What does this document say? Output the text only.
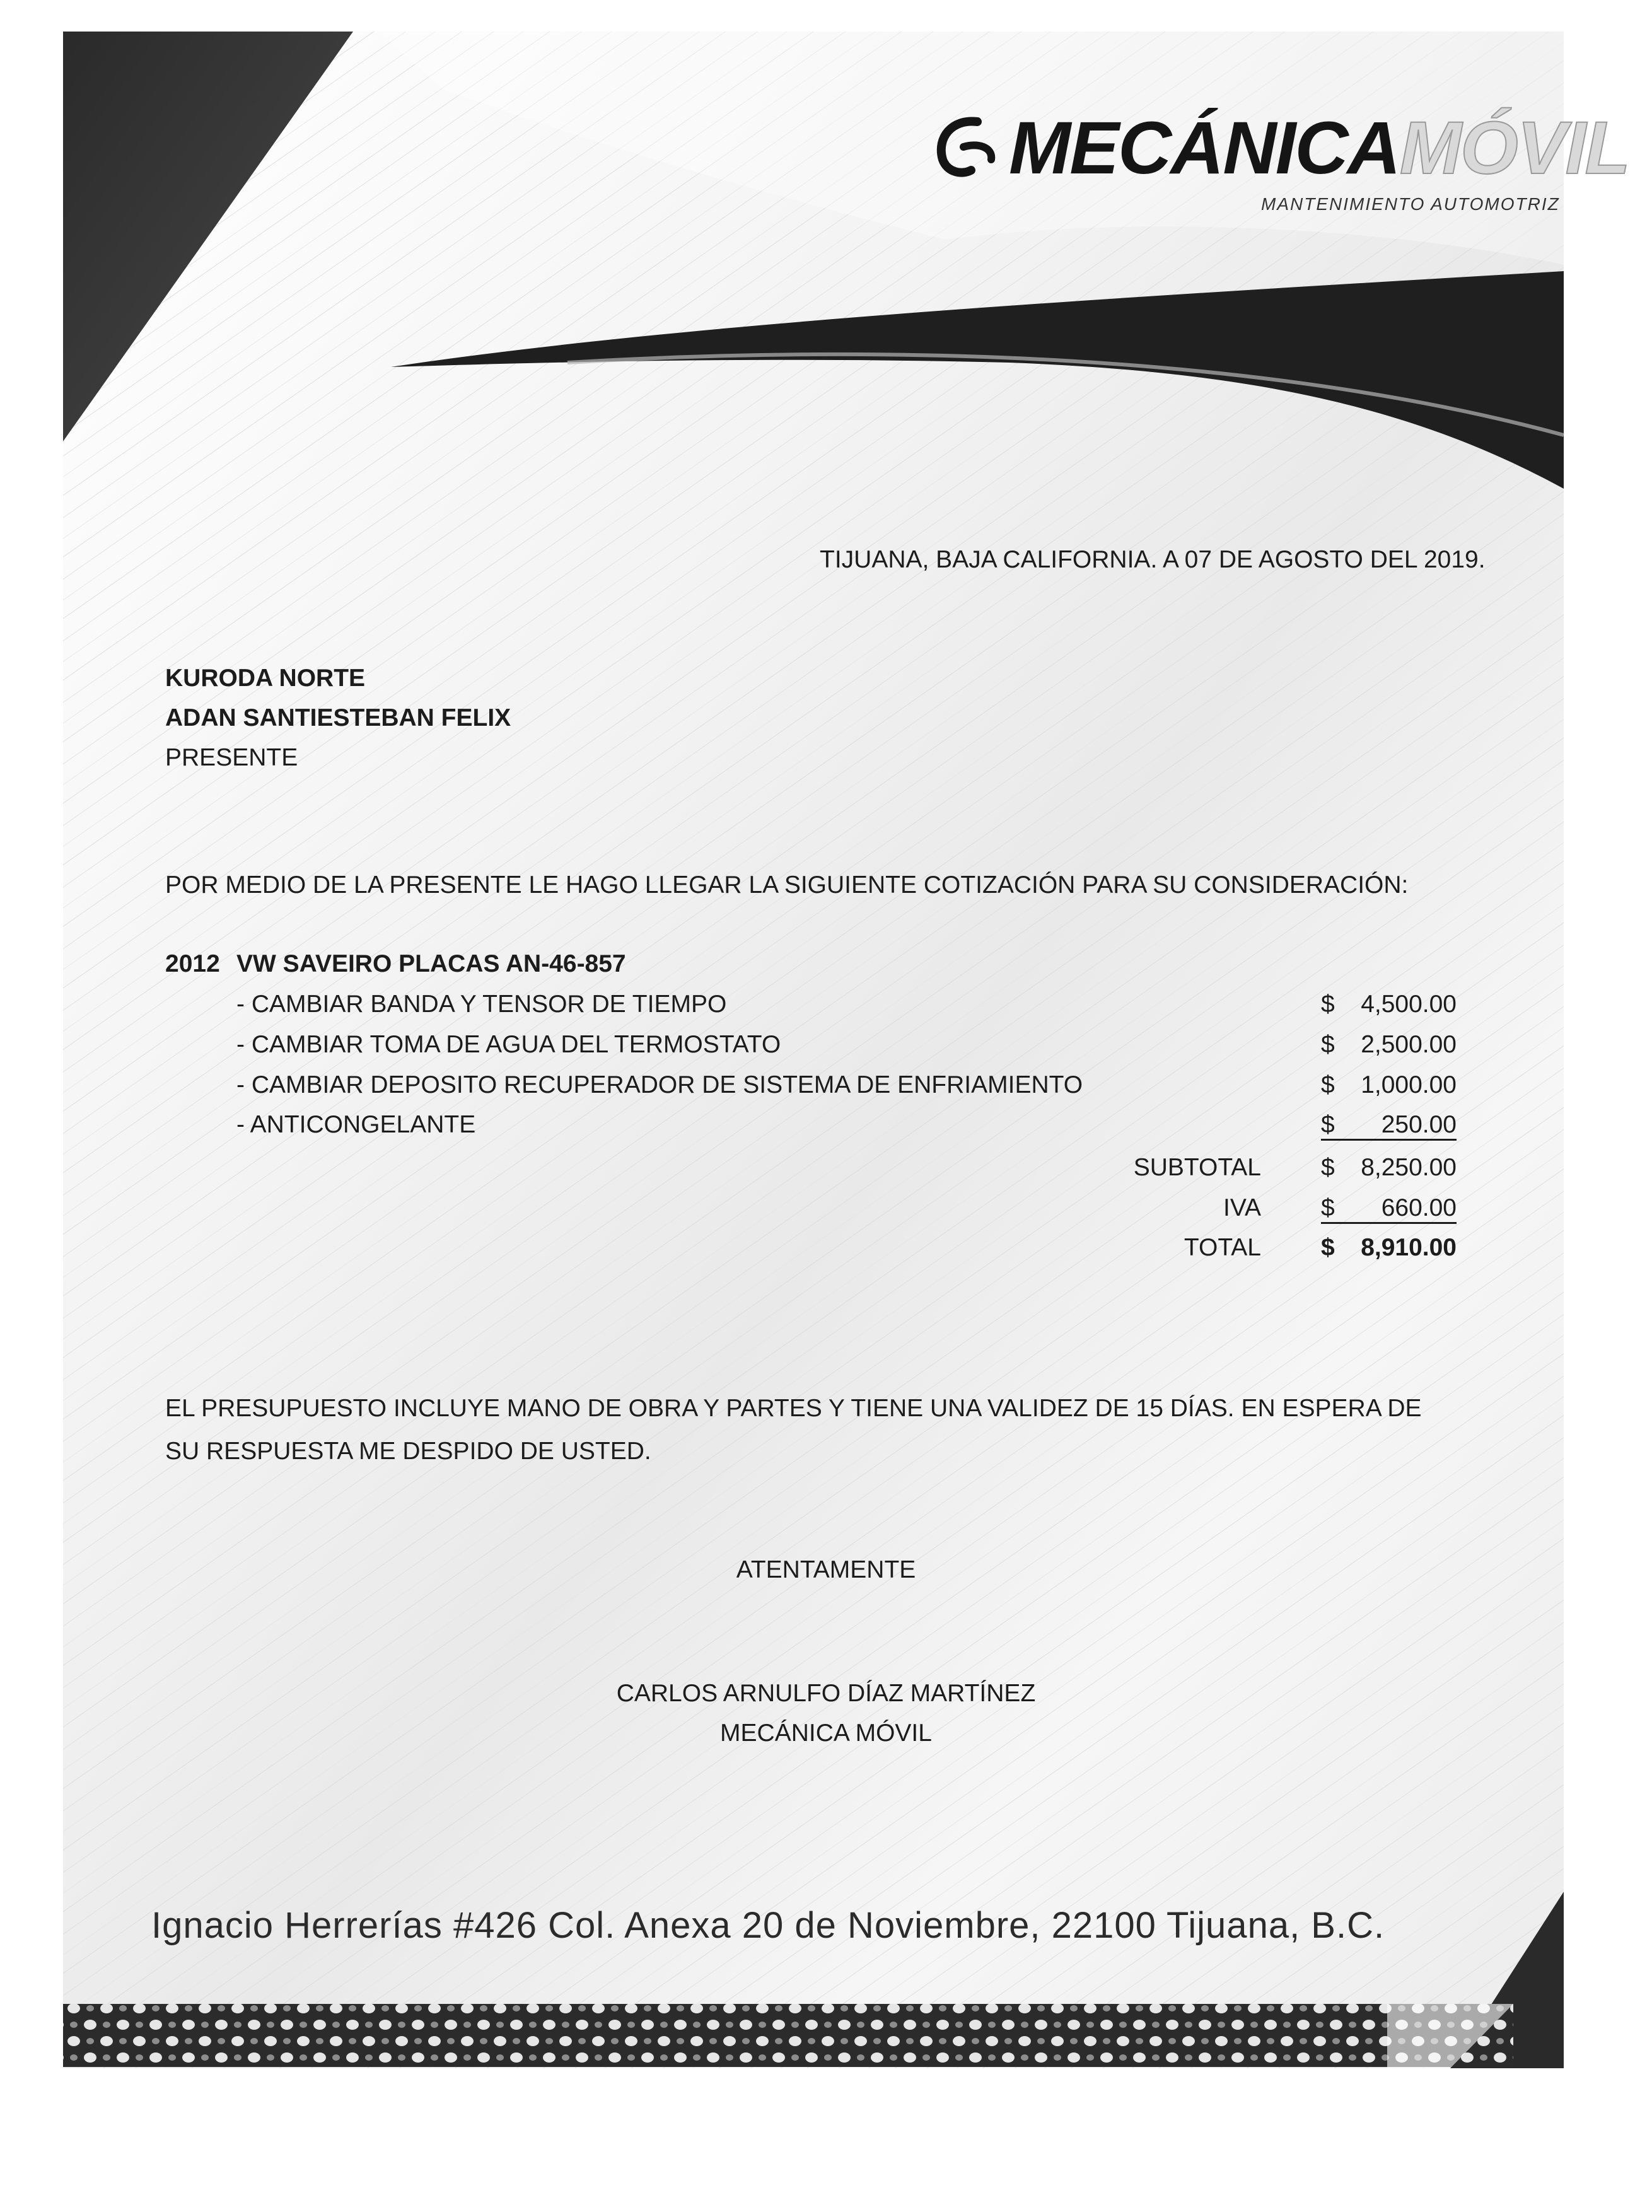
MECÁNICAMÓVIL
MANTENIMIENTO AUTOMOTRIZ
TIJUANA, BAJA CALIFORNIA. A 07 DE AGOSTO DEL 2019.
KURODA NORTE
ADAN SANTIESTEBAN FELIX
PRESENTE
POR MEDIO DE LA PRESENTE LE HAGO LLEGAR LA SIGUIENTE COTIZACIÓN PARA SU CONSIDERACIÓN:
2012 VW SAVEIRO PLACAS AN-46-857
- CAMBIAR BANDA Y TENSOR DE TIEMPO	$ 4,500.00
- CAMBIAR TOMA DE AGUA DEL TERMOSTATO	$ 2,500.00
- CAMBIAR DEPOSITO RECUPERADOR DE SISTEMA DE ENFRIAMIENTO	$ 1,000.00
- ANTICONGELANTE	$ 250.00
SUBTOTAL $ 8,250.00
IVA $ 660.00
TOTAL $ 8,910.00
EL PRESUPUESTO INCLUYE MANO DE OBRA Y PARTES Y TIENE UNA VALIDEZ DE 15 DÍAS. EN ESPERA DE SU RESPUESTA ME DESPIDO DE USTED.
ATENTAMENTE
CARLOS ARNULFO DÍAZ MARTÍNEZ
MECÁNICA MÓVIL
Ignacio Herrerías #426 Col. Anexa 20 de Noviembre, 22100 Tijuana, B.C.
